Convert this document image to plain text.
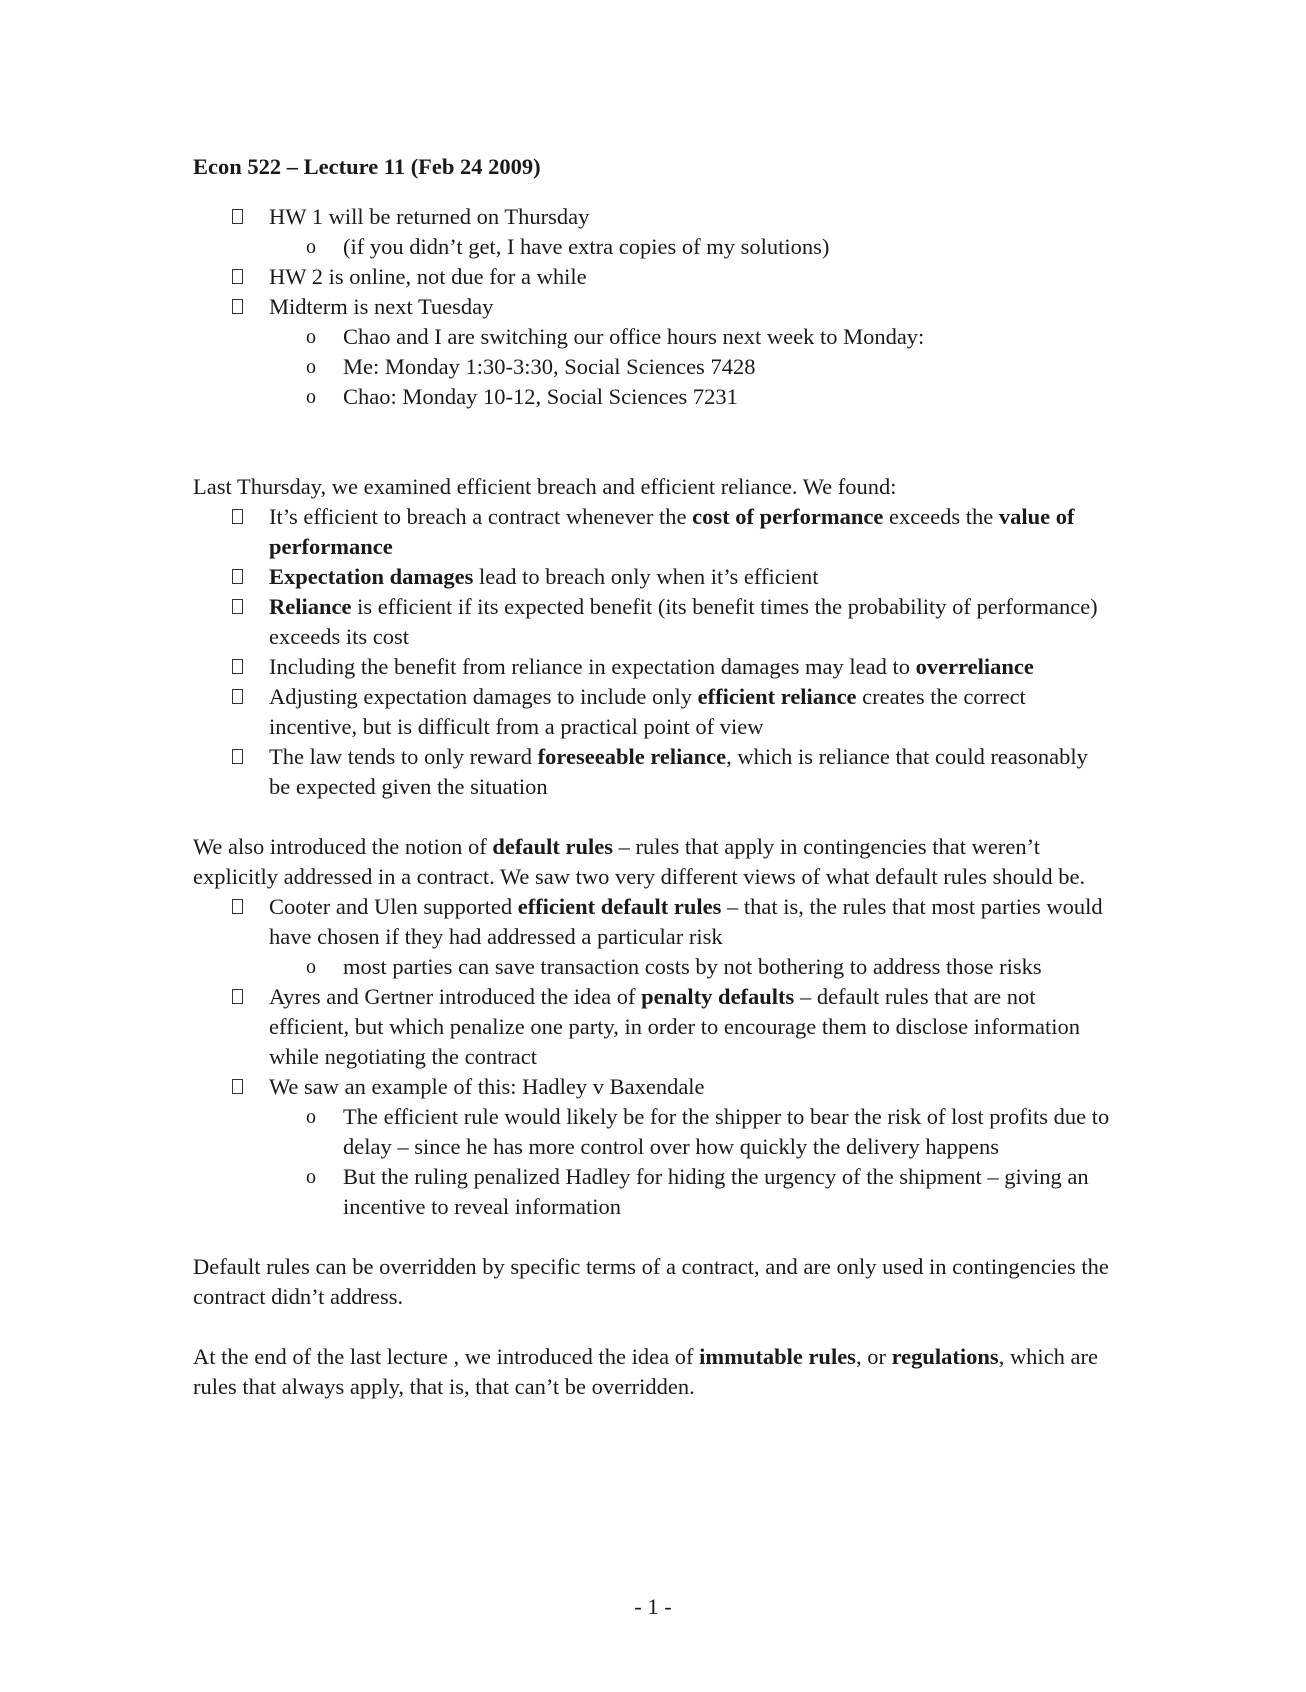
Econ 522 – Lecture 11 (Feb 24 2009)
HW 1 will be returned on Thursday
o (if you didn’t get, I have extra copies of my solutions)
HW 2 is online, not due for a while
Midterm is next Tuesday
o Chao and I are switching our office hours next week to Monday:
o Me: Monday 1:30-3:30, Social Sciences 7428
o Chao: Monday 10-12, Social Sciences 7231

Last Thursday, we examined efficient breach and efficient reliance. We found:

It’s efficient to breach a contract whenever the cost of performance exceeds the value of performance
Expectation damages lead to breach only when it’s efficient
Reliance is efficient if its expected benefit (its benefit times the probability of performance) exceeds its cost
Including the benefit from reliance in expectation damages may lead to overreliance
Adjusting expectation damages to include only efficient reliance creates the correct incentive, but is difficult from a practical point of view
The law tends to only reward foreseeable reliance, which is reliance that could reasonably be expected given the situation

We also introduced the notion of default rules – rules that apply in contingencies that weren’t explicitly addressed in a contract. We saw two very different views of what default rules should be.

Cooter and Ulen supported efficient default rules – that is, the rules that most parties would have chosen if they had addressed a particular risk
o most parties can save transaction costs by not bothering to address those risks
Ayres and Gertner introduced the idea of penalty defaults – default rules that are not efficient, but which penalize one party, in order to encourage them to disclose information while negotiating the contract
We saw an example of this: Hadley v Baxendale
o The efficient rule would likely be for the shipper to bear the risk of lost profits due to delay – since he has more control over how quickly the delivery happens
o But the ruling penalized Hadley for hiding the urgency of the shipment – giving an incentive to reveal information

Default rules can be overridden by specific terms of a contract, and are only used in contingencies the contract didn’t address.

At the end of the last lecture , we introduced the idea of immutable rules, or regulations, which are rules that always apply, that is, that can’t be overridden.

- 1 -
